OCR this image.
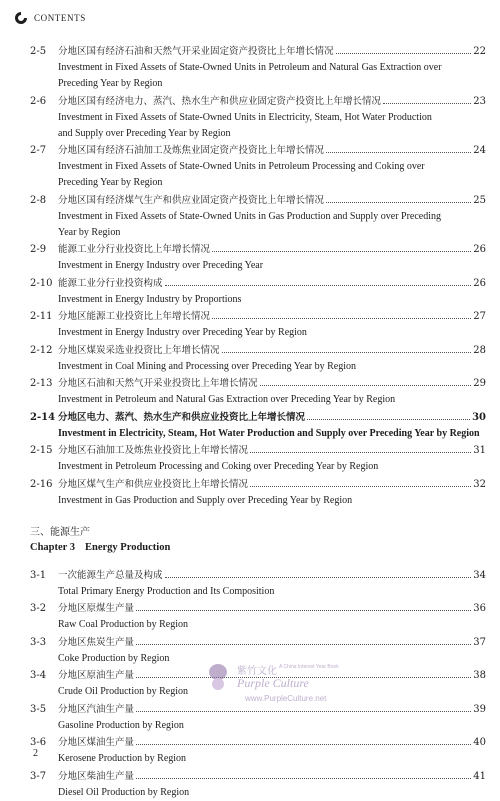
CONTENTS
2-5 分地区国有经济石油和天然气开采业固定资产投资比上年增长情况	22
Investment in Fixed Assets of State-Owned Units in Petroleum and Natural Gas Extraction over
Preceding Year by Region
2-6 分地区国有经济电力、蒸汽、热水生产和供应业固定资产投资比上年增长情况	23
Investment in Fixed Assets of State-Owned Units in Electricity, Steam, Hot Water Production
and Supply over Preceding Year by Region
2-7 分地区国有经济石油加工及炼焦业固定资产投资比上年增长情况	24
Investment in Fixed Assets of State-Owned Units in Petroleum Processing and Coking over
Preceding Year by Region
2-8 分地区国有经济煤气生产和供应业固定资产投资比上年增长情况	25
Investment in Fixed Assets of State-Owned Units in Gas Production and Supply over Preceding
Year by Region
2-9 能源工业分行业投资比上年增长情况	26
Investment in Energy Industry over Preceding Year
2-10 能源工业分行业投资构成	26
Investment in Energy Industry by Proportions
2-11 分地区能源工业投资比上年增长情况	27
Investment in Energy Industry over Preceding Year by Region
2-12 分地区煤炭采选业投资比上年增长情况	28
Investment in Coal Mining and Processing over Preceding Year by Region
2-13 分地区石油和天然气开采业投资比上年增长情况	29
Investment in Petroleum and Natural Gas Extraction over Preceding Year by Region
2-14 分地区电力、蒸汽、热水生产和供应业投资比上年增长情况	30
Investment in Electricity, Steam, Hot Water Production and Supply over Preceding Year by Region
2-15 分地区石油加工及炼焦业投资比上年增长情况	31
Investment in Petroleum Processing and Coking over Preceding Year by Region
2-16 分地区煤气生产和供应业投资比上年增长情况	32
Investment in Gas Production and Supply over Preceding Year by Region
三、能源生产
Chapter 3 Energy Production
3-1 一次能源生产总量及构成	34
Total Primary Energy Production and Its Composition
3-2 分地区原煤生产量	36
Raw Coal Production by Region
3-3 分地区焦炭生产量	37
Coke Production by Region
3-4 分地区原油生产量	38
Crude Oil Production by Region
3-5 分地区汽油生产量	39
Gasoline Production by Region
3-6 分地区煤油生产量	40
Kerosene Production by Region
3-7 分地区柴油生产量	41
Diesel Oil Production by Region
紫竹文化 A China Interest Year Book
Purple Culture
www.PurpleCulture.net
2
